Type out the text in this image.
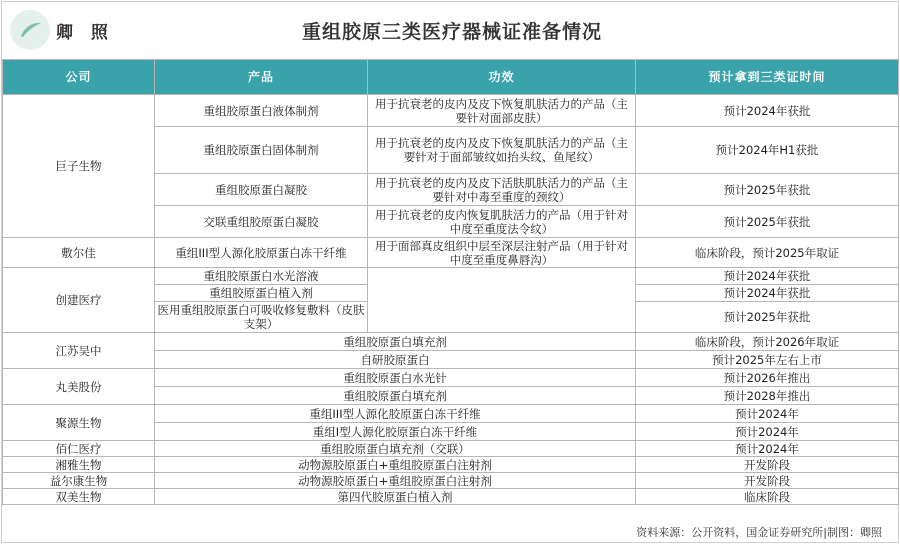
卿 照	重组胶原三类医疗器械证准备情况
公司	产品	功效	预计拿到三类证时间
巨子生物	重组胶原蛋白液体制剂	用于抗衰老的皮内及皮下恢复肌肤活力的产品（主要针对面部皮肤）	预计2024年获批
	重组胶原蛋白固体制剂	用于抗衰老的皮内及皮下恢复肌肤活力的产品（主要针对于面部皱纹如抬头纹、鱼尾纹）	预计2024年H1获批
	重组胶原蛋白凝胶	用于抗衰老的皮内及皮下活肤肌肤活力的产品（主要针对中毒至重度的颈纹）	预计2025年获批
	交联重组胶原蛋白凝胶	用于抗衰老的皮内恢复肌肤活力的产品（用于针对中度至重度法令纹）	预计2025年获批
敷尔佳	重组III型人源化胶原蛋白冻干纤维	用于面部真皮组织中层至深层注射产品（用于针对中度至重度鼻唇沟）	临床阶段，预计2025年取证
创建医疗	重组胶原蛋白水光溶液		预计2024年获批
	重组胶原蛋白植入剂		预计2024年获批
	医用重组胶原蛋白可吸收修复敷料（皮肤支架）		预计2025年获批
江苏吴中	重组胶原蛋白填充剂		临床阶段，预计2026年取证
	自研胶原蛋白		预计2025年左右上市
丸美股份	重组胶原蛋白水光针		预计2026年推出
	重组胶原蛋白填充剂		预计2028年推出
聚源生物	重组III型人源化胶原蛋白冻干纤维		预计2024年
	重组Ⅰ型人源化胶原蛋白冻干纤维		预计2024年
佰仁医疗	重组胶原蛋白填充剂（交联）		预计2024年
湘雅生物	动物源胶原蛋白+重组胶原蛋白注射剂		开发阶段
益尔康生物	动物源胶原蛋白+重组胶原蛋白注射剂		开发阶段
双美生物	第四代胶原蛋白植入剂		临床阶段
资料来源：公开资料，国金证券研究所|制图：卿照
